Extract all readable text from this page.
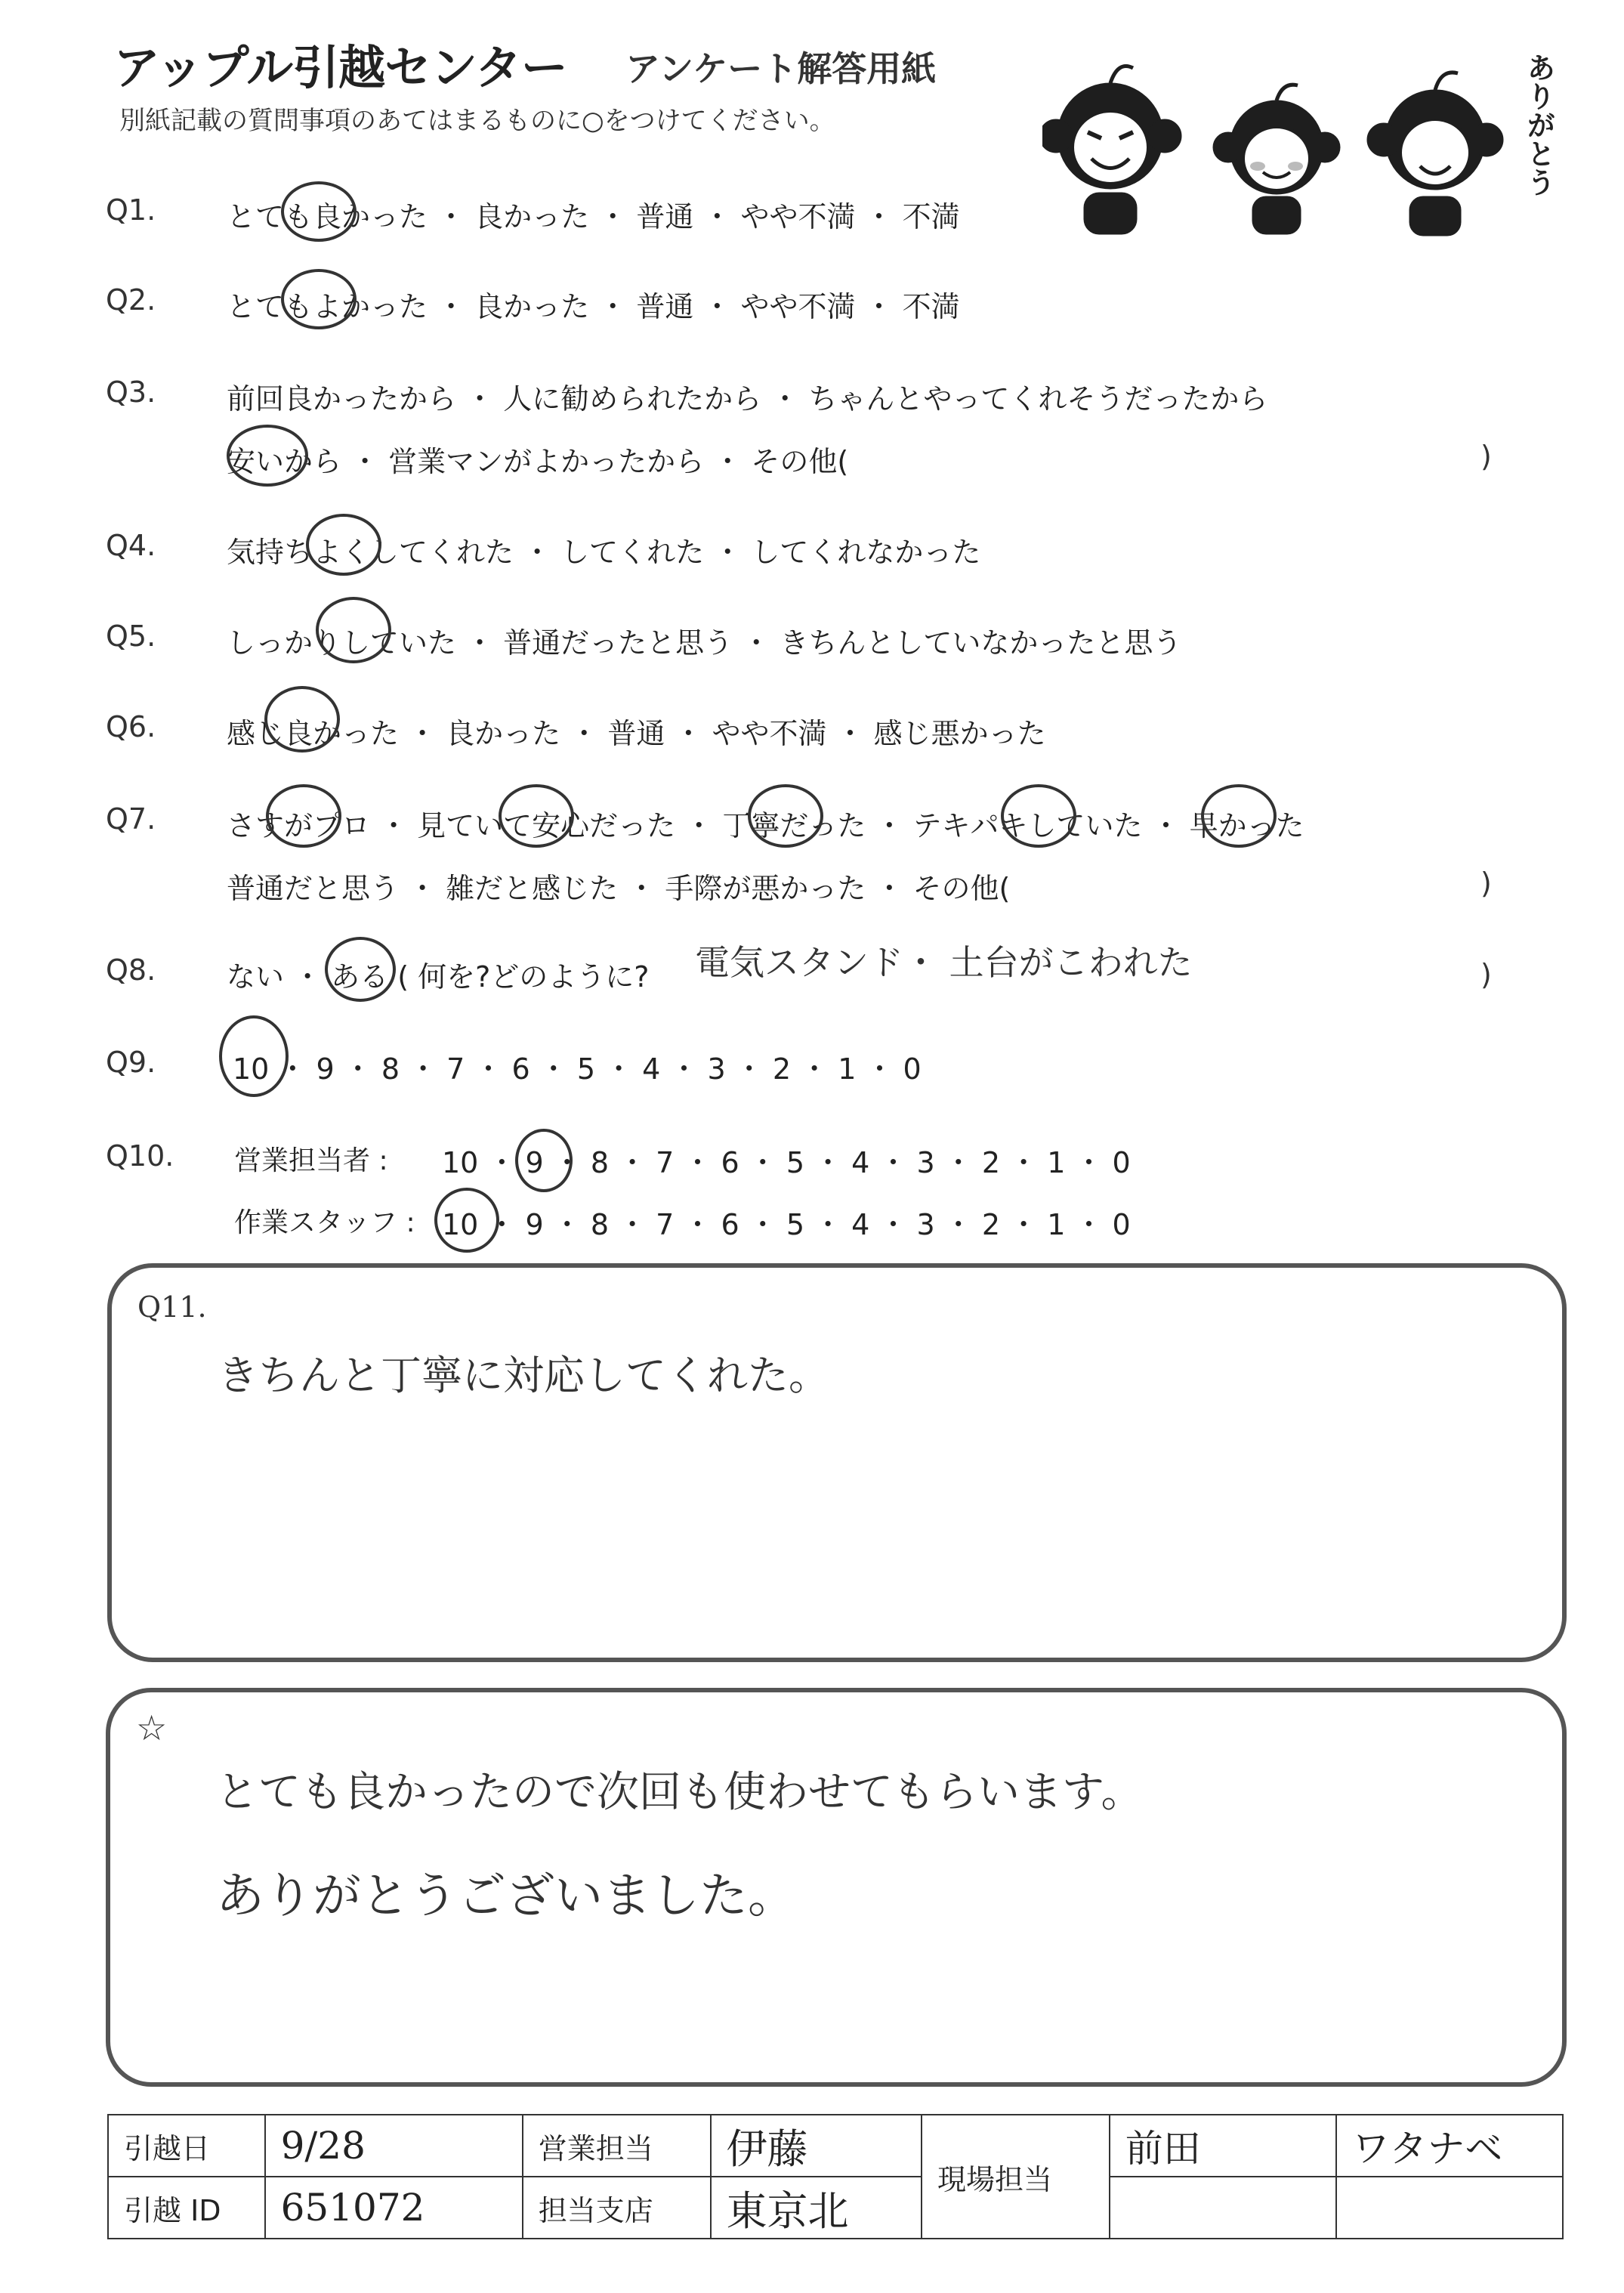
アップル引越センター アンケート解答用紙
別紙記載の質問事項のあてはまるものに○をつけてください。	ありがとう
Q1. とても良かった ・ 良かった ・ 普通 ・ やや不満 ・ 不満
Q2. とてもよかった ・ 良かった ・ 普通 ・ やや不満 ・ 不満
Q3. 前回良かったから ・ 人に勧められたから ・ ちゃんとやってくれそうだったから
安いから ・ 営業マンがよかったから ・ その他(	)
Q4. 気持ちよくしてくれた ・ してくれた ・ してくれなかった
Q5. しっかりしていた ・ 普通だったと思う ・ きちんとしていなかったと思う
Q6. 感じ良かった ・ 良かった ・ 普通 ・ やや不満 ・ 感じ悪かった
Q7. さすがプロ ・ 見ていて安心だった ・ 丁寧だった ・ テキパキしていた ・ 早かった
普通だと思う ・ 雑だと感じた ・ 手際が悪かった ・ その他(	)
Q8. ない ・ ある ( 何を?どのように? 電気スタンド・ 土台がこわれた	)
Q9.	10 ・ 9 ・ 8 ・ 7 ・ 6 ・ 5 ・ 4 ・ 3 ・ 2 ・ 1 ・ 0
Q10. 営業担当者 : 10 ・ 9 ・ 8 ・ 7 ・ 6 ・ 5 ・ 4 ・ 3 ・ 2 ・ 1 ・ 0
作業スタッフ : 10 ・ 9 ・ 8 ・ 7 ・ 6 ・ 5 ・ 4 ・ 3 ・ 2 ・ 1 ・ 0
Q11.
きちんと丁寧に対応してくれた。
☆
とても良かったので次回も使わせてもらいます。
ありがとうございました。
引越日	9/28	営業担当	伊藤	現場担当	前田	ワタナベ
引越 ID	651072	担当支店	東京北			
